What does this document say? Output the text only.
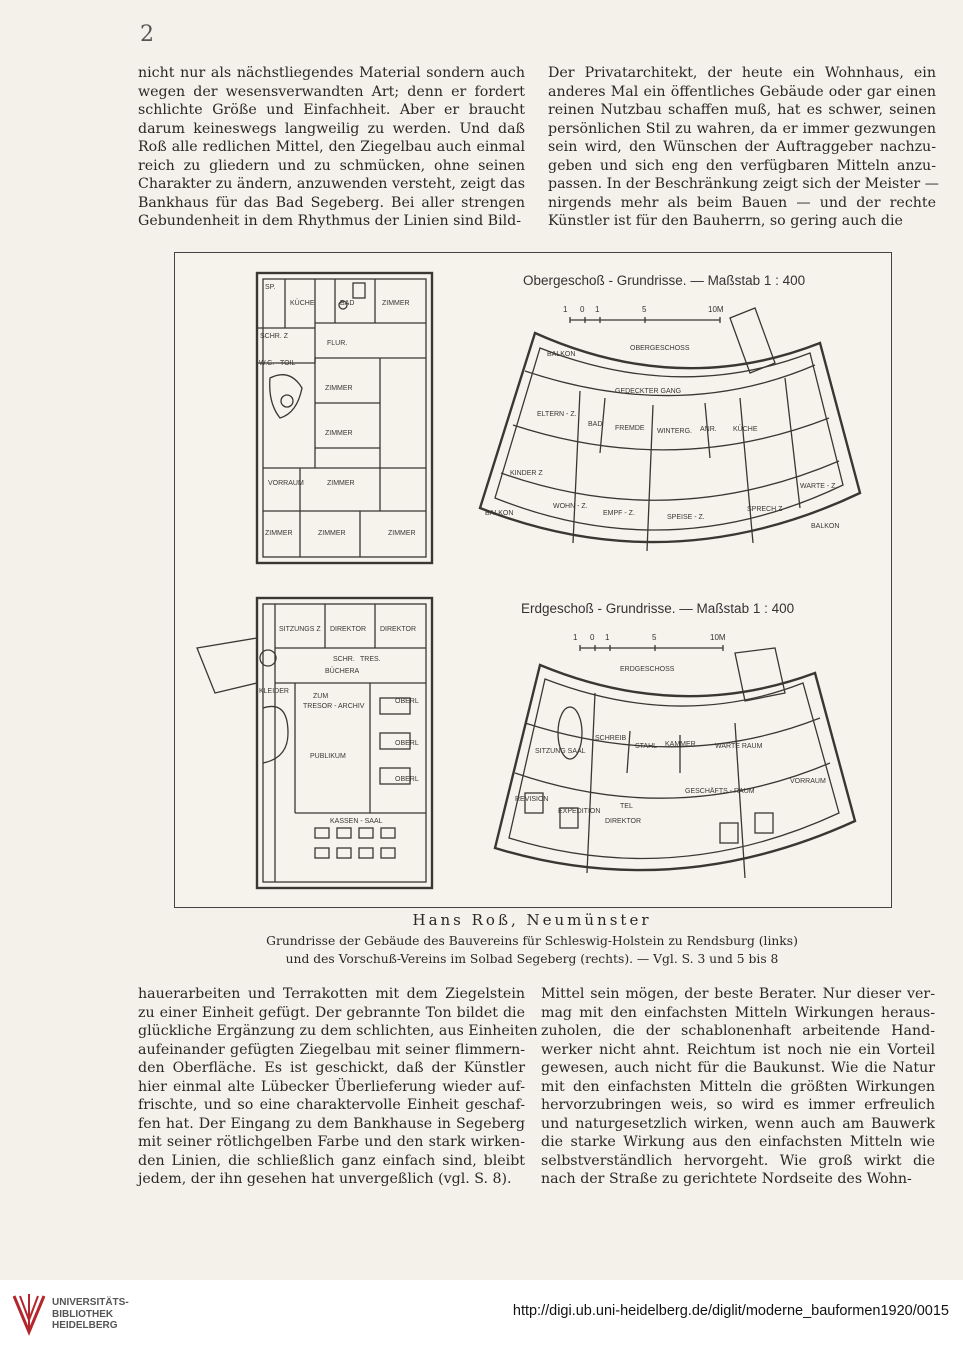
2
nicht nur als nächstliegendes Material sondern auch
wegen der wesensverwandten Art; denn er fordert
schlichte Größe und Einfachheit. Aber er braucht
darum keineswegs langweilig zu werden. Und daß
Roß alle redlichen Mittel, den Ziegelbau auch einmal
reich zu gliedern und zu schmücken, ohne seinen
Charakter zu ändern, anzuwenden versteht, zeigt das
Bankhaus für das Bad Segeberg. Bei aller strengen
Gebundenheit in dem Rhythmus der Linien sind Bild-
Der Privatarchitekt, der heute ein Wohnhaus, ein
anderes Mal ein öffentliches Gebäude oder gar einen
reinen Nutzbau schaffen muß, hat es schwer, seinen
persönlichen Stil zu wahren, da er immer gezwungen
sein wird, den Wünschen der Auftraggeber nachzu-
geben und sich eng den verfügbaren Mitteln anzu-
passen. In der Beschränkung zeigt sich der Meister —
nirgends mehr als beim Bauen — und der rechte
Künstler ist für den Bauherrn, so gering auch die
SP.
KÜCHE	BAD	ZIMMER
SCHR. Z
FLUR.
W.C. TOIL
ZIMMER
ZIMMER
VORRAUM	ZIMMER
ZIMMER	ZIMMER	ZIMMER
SITZUNGS Z DIREKTOR DIREKTOR
SCHR. TRES.
BÜCHERA
KLEIDER
ZUM
TRESOR - ARCHIV
OBERL
PUBLIKUM
OBERL
OBERL
KASSEN - SAAL
BALKON
OBERGESCHOSS
GEDECKTER GANG
ELTERN - Z.
BAD
FREMDE WINTERG. ANR. KÜCHE
KINDER Z
WOHN - Z.
EMPF - Z.
SPEISE - Z.
SPRECH Z
WARTE - Z.
BALKON
BALKON
ERDGESCHOSS
SITZUNG SAAL
SCHREIB
STAHL KAMMER	WARTE RAUM
GESCHÄFTS - RAUM
VORRAUM
REVISION
EXPEDITION
DIREKTOR
TEL
Obergeschoß - Grundrisse. — Maßstab 1 : 400
Erdgeschoß - Grundrisse. — Maßstab 1 : 400
1 0 1	5	10M
1 0 1	5	10M
Hans Roß, Neumünster
Grundrisse der Gebäude des Bauvereins für Schleswig-Holstein zu Rendsburg (links)
und des Vorschuß-Vereins im Solbad Segeberg (rechts). — Vgl. S. 3 und 5 bis 8
hauerarbeiten und Terrakotten mit dem Ziegelstein
zu einer Einheit gefügt. Der gebrannte Ton bildet die
glückliche Ergänzung zu dem schlichten, aus Einheiten
aufeinander gefügten Ziegelbau mit seiner flimmern-
den Oberfläche. Es ist geschickt, daß der Künstler
hier einmal alte Lübecker Überlieferung wieder auf-
frischte, und so eine charaktervolle Einheit geschaf-
fen hat. Der Eingang zu dem Bankhause in Segeberg
mit seiner rötlichgelben Farbe und den stark wirken-
den Linien, die schließlich ganz einfach sind, bleibt
jedem, der ihn gesehen hat unvergeßlich (vgl. S. 8).
Mittel sein mögen, der beste Berater. Nur dieser ver-
mag mit den einfachsten Mitteln Wirkungen heraus-
zuholen, die der schablonenhaft arbeitende Hand-
werker nicht ahnt. Reichtum ist noch nie ein Vorteil
gewesen, auch nicht für die Baukunst. Wie die Natur
mit den einfachsten Mitteln die größten Wirkungen
hervorzubringen weis, so wird es immer erfreulich
und naturgesetzlich wirken, wenn auch am Bauwerk
die starke Wirkung aus den einfachsten Mitteln wie
selbstverständlich hervorgeht. Wie groß wirkt die
nach der Straße zu gerichtete Nordseite des Wohn-
UNIVERSITÄTS-
BIBLIOTHEK
HEIDELBERG
http://digi.ub.uni-heidelberg.de/diglit/moderne_bauformen1920/0015
